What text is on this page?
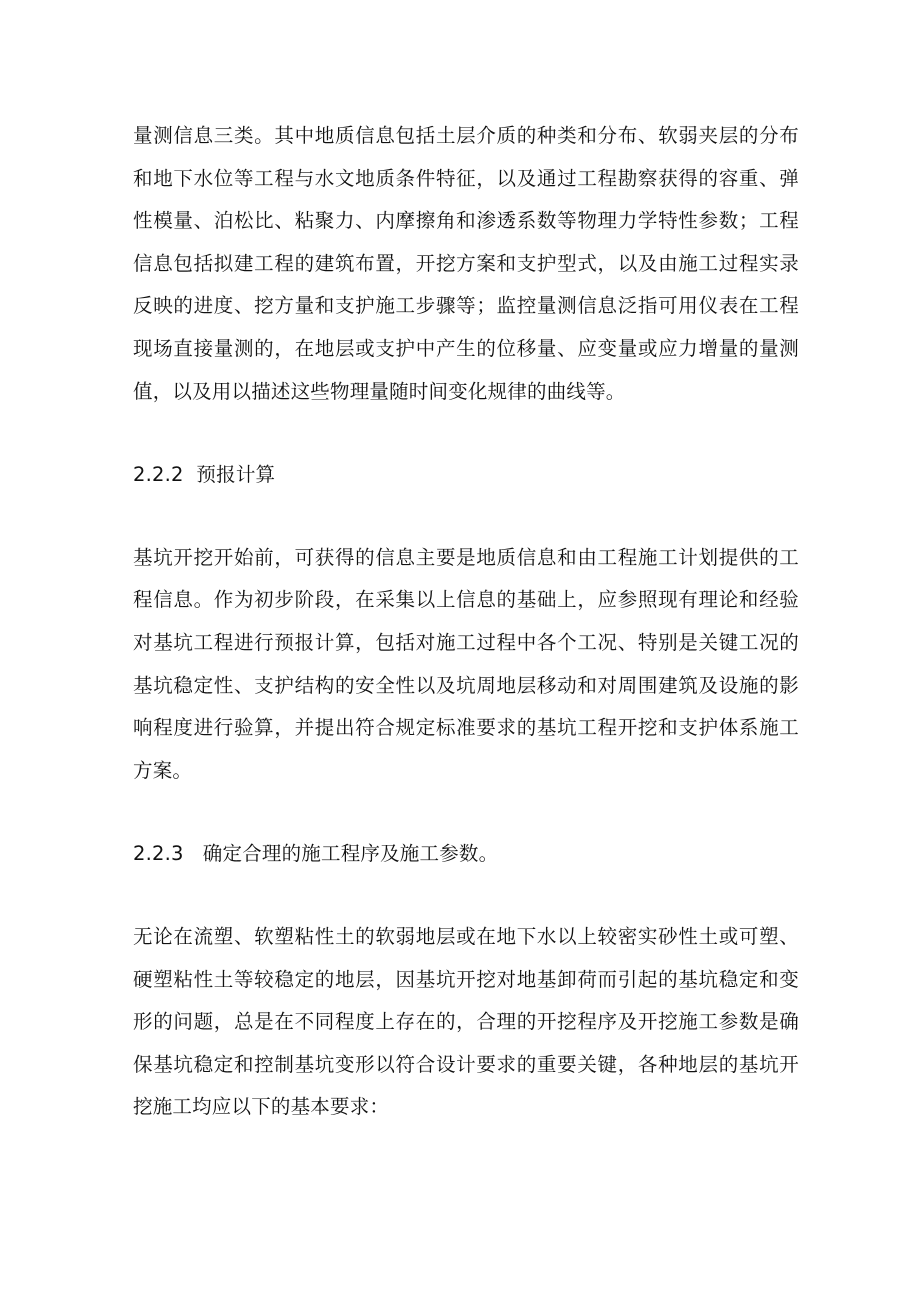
量测信息三类。其中地质信息包括土层介质的种类和分布、软弱夹层的分布和地下水位等工程与水文地质条件特征，以及通过工程勘察获得的容重、弹性模量、泊松比、粘聚力、内摩擦角和渗透系数等物理力学特性参数；工程信息包括拟建工程的建筑布置，开挖方案和支护型式，以及由施工过程实录反映的进度、挖方量和支护施工步骤等；监控量测信息泛指可用仪表在工程现场直接量测的，在地层或支护中产生的位移量、应变量或应力增量的量测值，以及用以描述这些物理量随时间变化规律的曲线等。

2.2.2  预报计算

基坑开挖开始前，可获得的信息主要是地质信息和由工程施工计划提供的工程信息。作为初步阶段，在采集以上信息的基础上，应参照现有理论和经验对基坑工程进行预报计算，包括对施工过程中各个工况、特别是关键工况的基坑稳定性、支护结构的安全性以及坑周地层移动和对周围建筑及设施的影响程度进行验算，并提出符合规定标准要求的基坑工程开挖和支护体系施工方案。

2.2.3   确定合理的施工程序及施工参数。

无论在流塑、软塑粘性土的软弱地层或在地下水以上较密实砂性土或可塑、硬塑粘性土等较稳定的地层，因基坑开挖对地基卸荷而引起的基坑稳定和变形的问题，总是在不同程度上存在的，合理的开挖程序及开挖施工参数是确保基坑稳定和控制基坑变形以符合设计要求的重要关键，各种地层的基坑开挖施工均应以下的基本要求：
